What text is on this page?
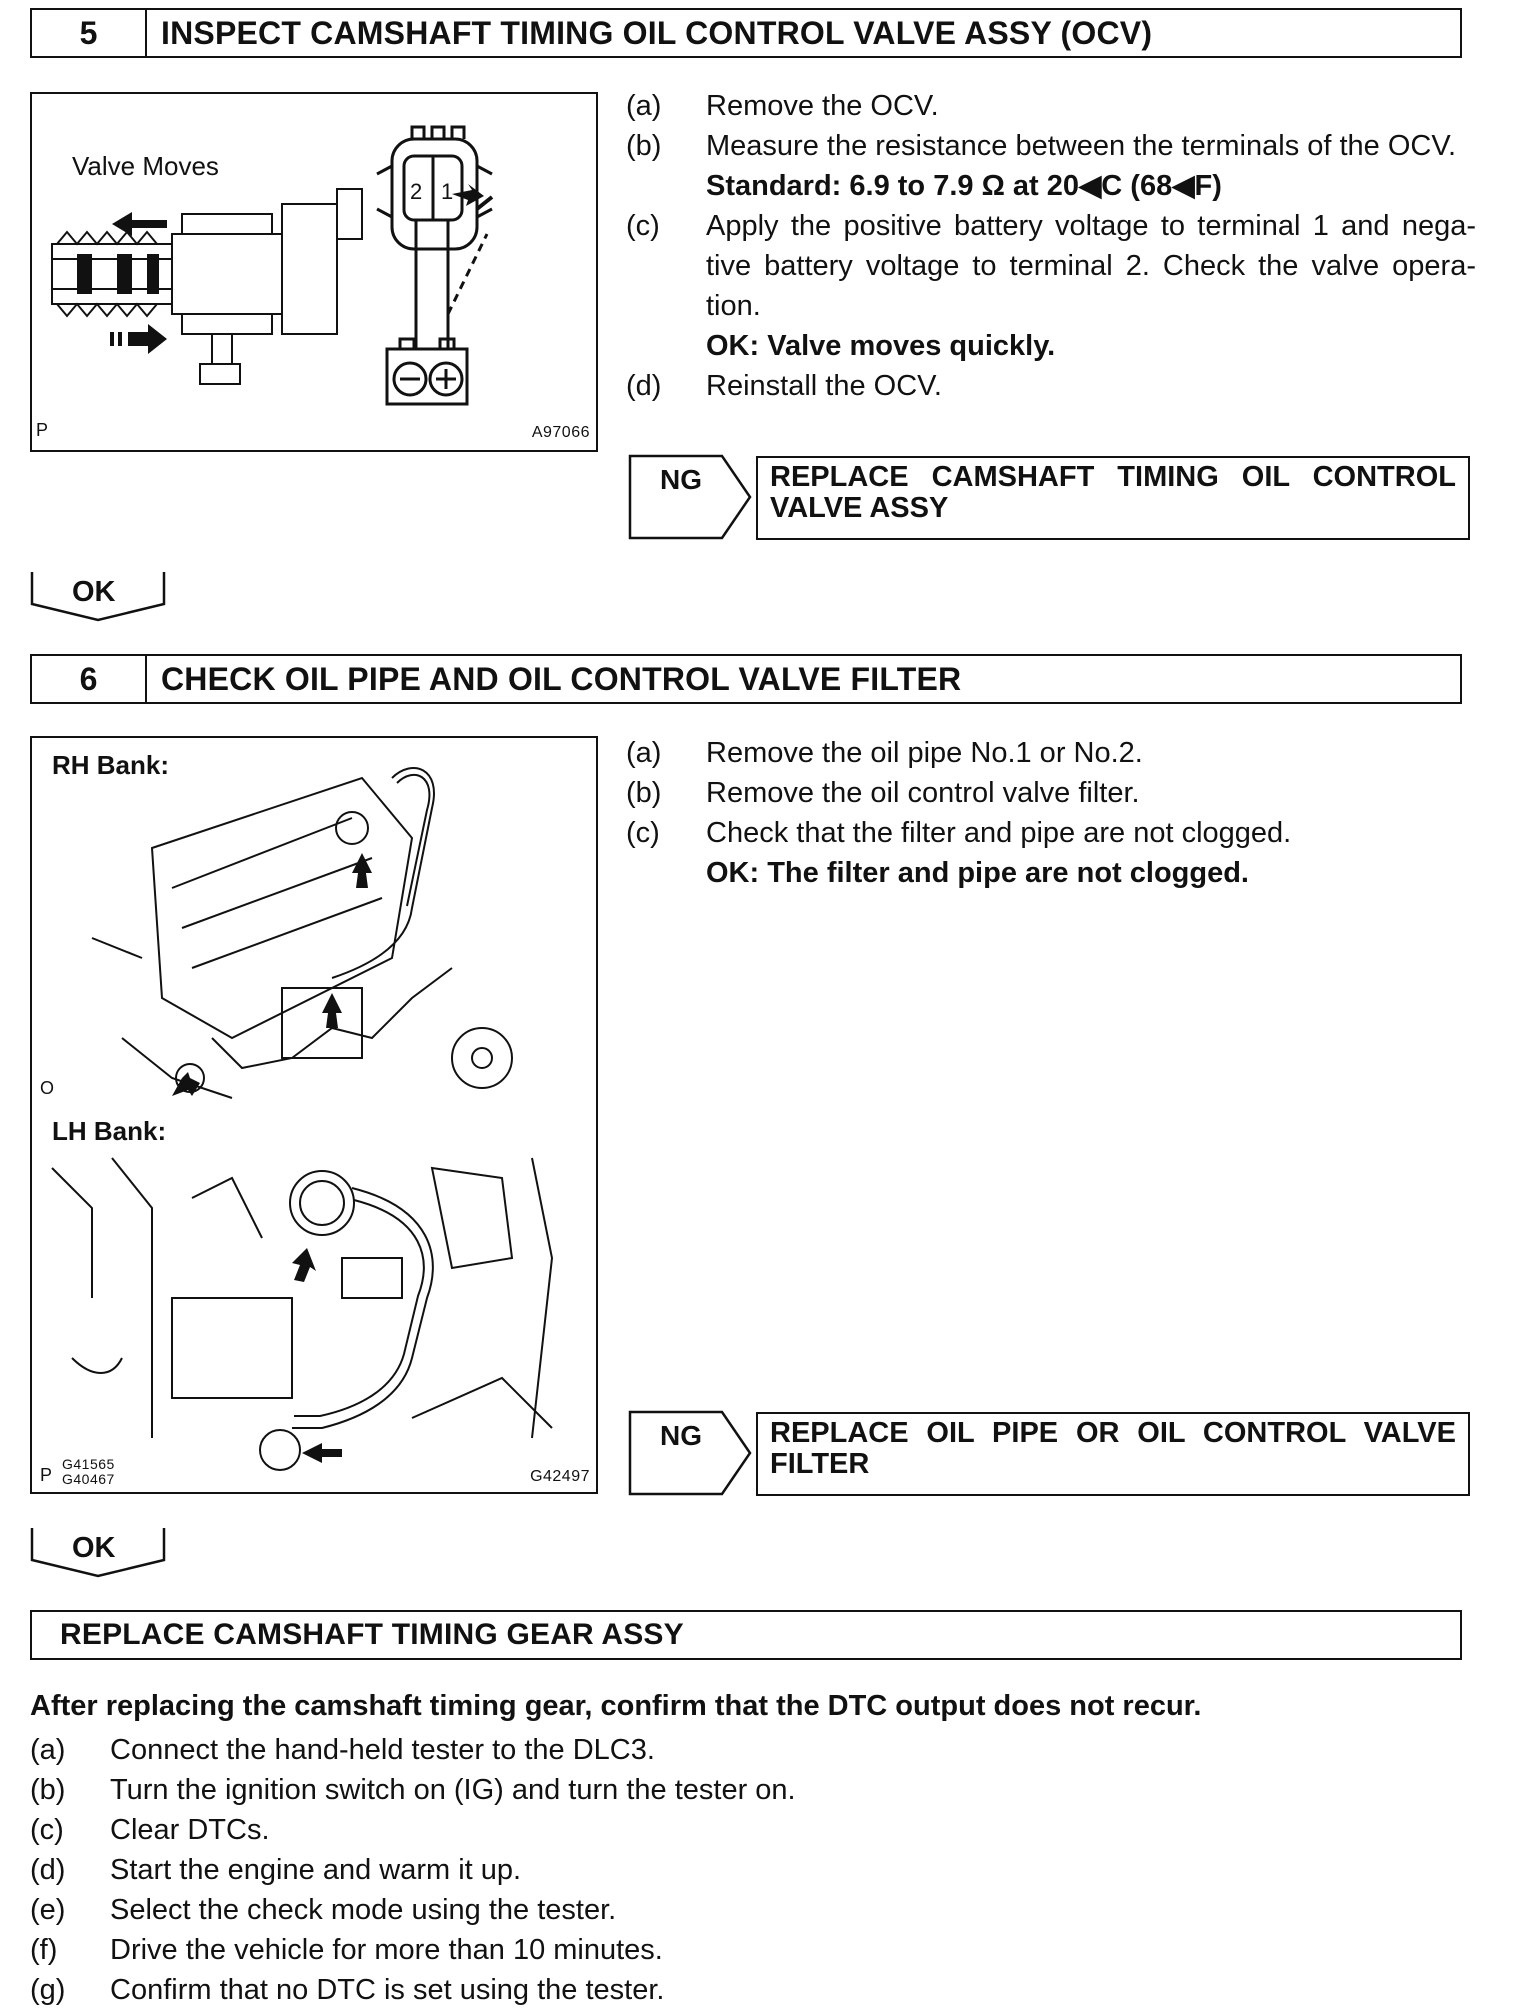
5	INSPECT CAMSHAFT TIMING OIL CONTROL VALVE ASSY (OCV)
Valve Moves
2 1
P	A97066
(a)	Remove the OCV.
(b)	Measure the resistance between the terminals of the OCV.
Standard: 6.9 to 7.9 Ω at 20◀C (68◀F)
(c)	Apply the positive battery voltage to terminal 1 and nega-tive battery voltage to terminal 2. Check the valve opera-tion.
OK: Valve moves quickly.
(d)	Reinstall the OCV.
NG	REPLACE CAMSHAFT TIMING OIL CONTROL VALVE ASSY
OK
6	CHECK OIL PIPE AND OIL CONTROL VALVE FILTER
RH Bank:
O
LH Bank:
P
G41565
G40467	G42497
(a)	Remove the oil pipe No.1 or No.2.
(b)	Remove the oil control valve filter.
(c)	Check that the filter and pipe are not clogged.
OK: The filter and pipe are not clogged.
NG	REPLACE OIL PIPE OR OIL CONTROL VALVE FILTER
OK
REPLACE CAMSHAFT TIMING GEAR ASSY
After replacing the camshaft timing gear, confirm that the DTC output does not recur.
(a)	Connect the hand-held tester to the DLC3.
(b)	Turn the ignition switch on (IG) and turn the tester on.
(c)	Clear DTCs.
(d)	Start the engine and warm it up.
(e)	Select the check mode using the tester.
(f)	Drive the vehicle for more than 10 minutes.
(g)	Confirm that no DTC is set using the tester.
